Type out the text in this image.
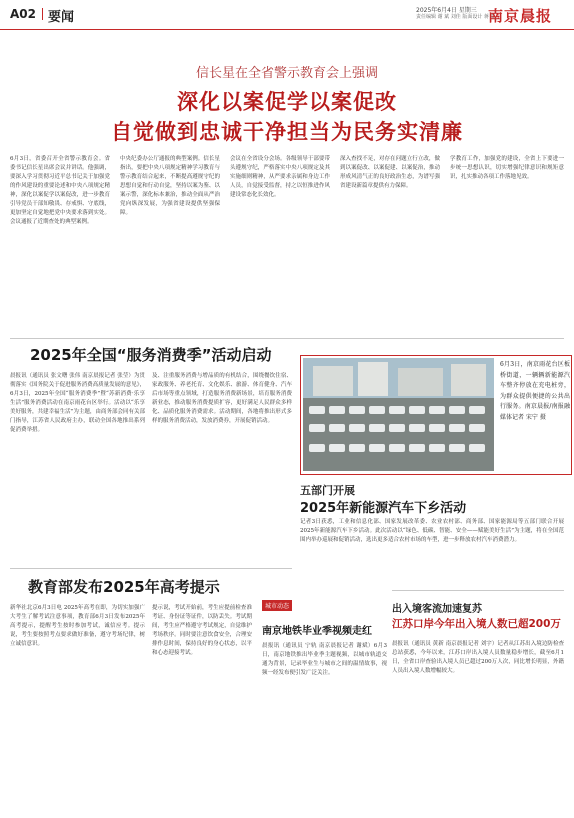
A02 要闻	2025年6月4日 星期三
责任编辑 谢 斌 刘佳 版面设计 蒋 磊
南京晨报
信长星在全省警示教育会上强调
深化以案促学以案促改
自觉做到忠诚干净担当为民务实清廉
6月3日，省委召开全省警示教育会。省委书记信长星出席会议并讲话。他强调，要深入学习贯彻习近平总书记关于加强党的作风建设的重要论述和中央八项规定精神，深化以案促学以案促改，进一步教育引导党员干部知敬畏、存戒惧、守底线，更加坚定自觉地把党中央要求落到实处。会议通报了近期查处的典型案例。
中央纪委办公厅通报的典型案例。信长星指出，要把中央八项规定精神学习教育与警示教育结合起来，不断提高遵规守纪的思想自觉和行动自觉，坚持以案为鉴、以案示警，深化标本兼治，推动全面从严治党向纵深发展，为强省建设提供坚强保障。
会议在全省设分会场。各级领导干部要带头遵规守纪，严格落实中央八项规定及其实施细则精神，从严要求亲属和身边工作人员，自觉接受监督，持之以恒推进作风建设常态化长效化。
深入查找不足，对存在问题立行立改，做到以案促改、以案促建、以案促治，推动形成风清气正的良好政治生态，为谱写强省建设新篇章提供有力保障。
学教育工作，加强党的建设，全省上下要进一步统一思想认识，切实增强纪律意识和规矩意识，扎实推动各项工作落地见效。
2025年全国“服务消费季”活动启动
晨报讯（通讯员 张文曙 张伟 南京晨报记者 张莹）为贯彻落实《国务院关于促进服务消费高质量发展的意见》，6月3日，2025年全国“服务消费季”暨“苏新消费·乐享生活”服务消费活动在南京雨花台区举行。活动以“乐享美好服务，共建幸福生活”为主题，由商务部会同有关部门指导，江苏省人民政府主办，联动全国各地推出系列促消费举措。
及、注重服务消费与增品质的有机结合，围绕餐饮住宿、家政服务、养老托育、文化娱乐、旅游、体育健身、汽车后市场等重点领域，打造服务消费新场景，培育服务消费新业态，推动服务消费提质扩容，更好满足人民群众多样化、品质化服务消费需求。活动期间，各地将推出形式多样的服务消费活动，发放消费券，开展促销活动。
6月3日，南京雨花台区板桥街道，一辆辆新能源汽车整齐停放在充电桩旁，为群众提供便捷的公共出行服务。南京晨报/南报融媒体记者 宋宁 摄
五部门开展
2025年新能源汽车下乡活动
记者3日获悉，工业和信息化部、国家发展改革委、农业农村部、商务部、国家能源局等五部门联合开展2025年新能源汽车下乡活动。此次活动以“绿色、低碳、智能、安全——赋能美好生活”为主题，将在全国范围内举办巡展和促销活动，选出更多适合农村市场的车型，进一步释放农村汽车消费潜力。
教育部发布2025年高考提示
新华社北京6月3日电 2025年高考在即，为切实加强广大考生了解考试注意事项，教育部6月3日发布2025年高考提示，提醒考生按时参加考试，诚信应考。提示说，考生要按照考点要求做好准备，遵守考场纪律，树立诚信意识。
提示说，考试开始前，考生应提前检查准考证、身份证等证件，以防丢失。考试期间，考生应严格遵守考试规定，自觉维护考场秩序。同时要注意饮食安全，合理安排作息时间，保持良好的身心状态，以平和心态迎接考试。
城市动态
南京地铁毕业季视频走红
晨报讯（通讯员 宁轨 南京晨报记者 谢斌）6月3日，南京地铁推出毕业季主题视频，以城市轨道交通为背景，记录毕业生与城市之间的温情故事，视频一经发布便引发广泛关注。
出入境客流加速复苏
江苏口岸今年出入境人数已超200万
晨报讯（通讯员 黄新 南京晨报记者 刘宇）记者从江苏出入境边防检查总站获悉，今年以来，江苏口岸出入境人员数量稳步增长，截至6月1日，全省口岸查验出入境人员已超过200万人次，同比增长明显，外籍人员出入境人数增幅较大。
